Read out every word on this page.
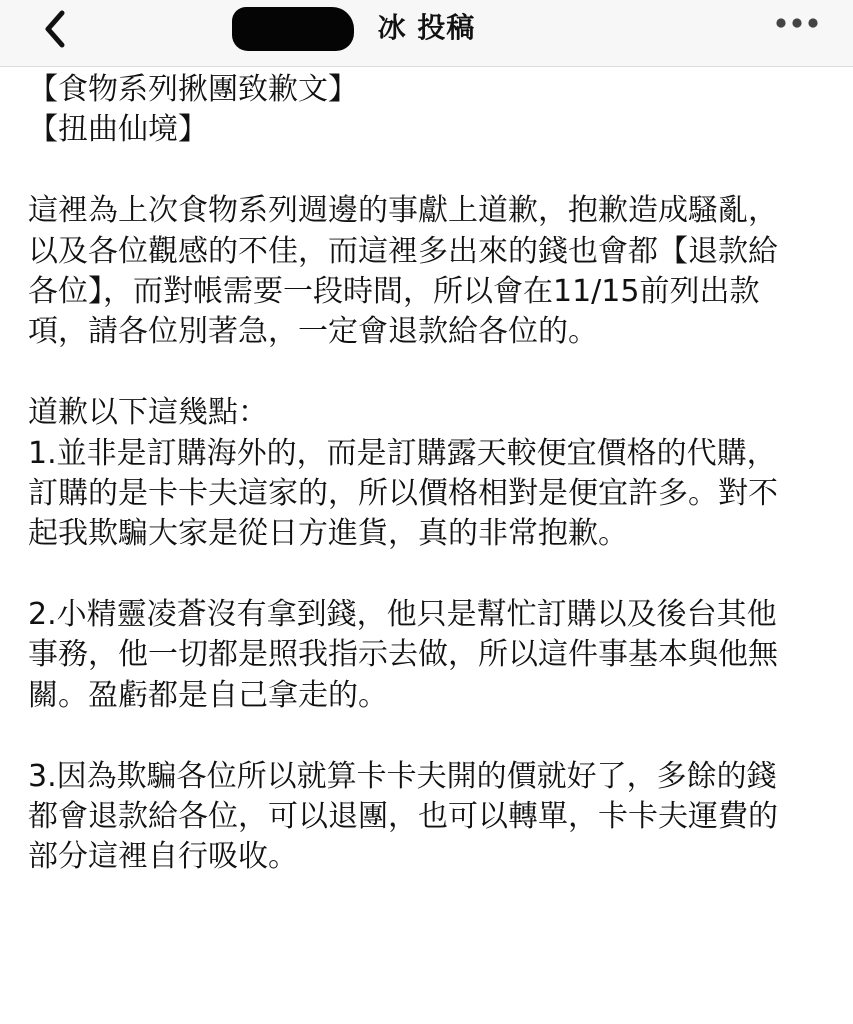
冰 投稿
【食物系列揪團致歉文】
【扭曲仙境】
這裡為上次食物系列週邊的事獻上道歉，抱歉造成騷亂，
以及各位觀感的不佳，而這裡多出來的錢也會都【退款給
各位】，而對帳需要一段時間，所以會在11/15前列出款
項，請各位別著急，一定會退款給各位的。
道歉以下這幾點：
1.並非是訂購海外的，而是訂購露天較便宜價格的代購，
訂購的是卡卡夫這家的，所以價格相對是便宜許多。對不
起我欺騙大家是從日方進貨，真的非常抱歉。
2.小精靈凌蒼沒有拿到錢，他只是幫忙訂購以及後台其他
事務，他一切都是照我指示去做，所以這件事基本與他無
關。盈虧都是自己拿走的。
3.因為欺騙各位所以就算卡卡夫開的價就好了，多餘的錢
都會退款給各位，可以退團，也可以轉單，卡卡夫運費的
部分這裡自行吸收。
